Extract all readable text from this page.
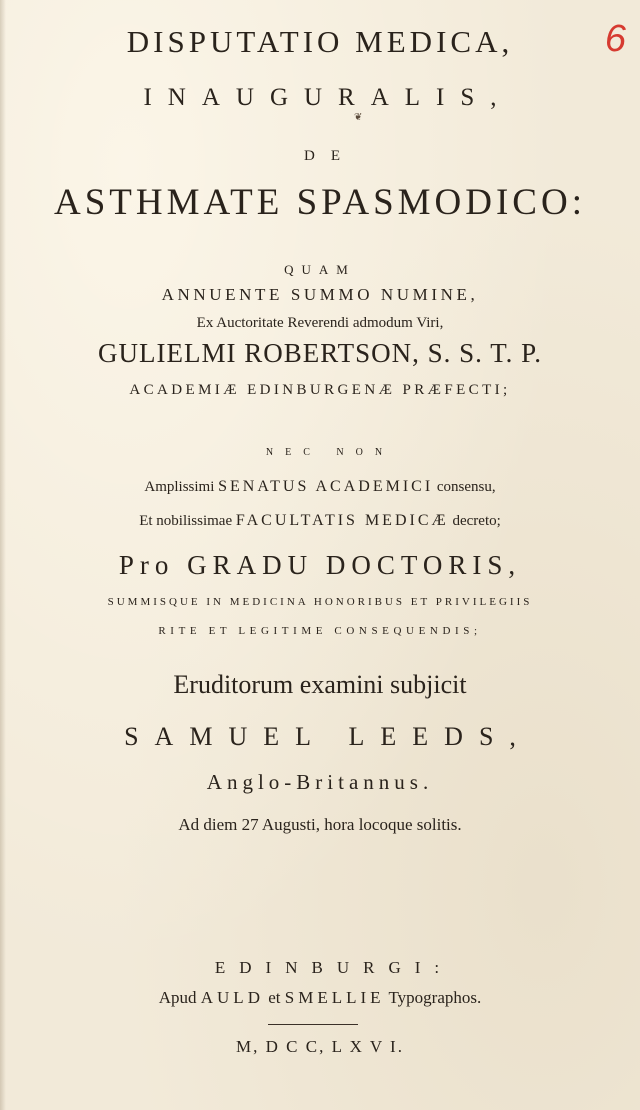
6
DISPUTATIO MEDICA,
INAUGURALIS,
❦
DE
ASTHMATE SPASMODICO:
QUAM
ANNUENTE SUMMO NUMINE,
Ex Auctoritate Reverendi admodum Viri,
GULIELMI ROBERTSON, S. S. T. P.
ACADEMIÆ EDINBURGENÆ PRÆFECTI;
NEC NON
Amplissimi SENATUS ACADEMICI consensu,
Et nobilissimae FACULTATIS MEDICÆ decreto;
Pro GRADU DOCTORIS,
SUMMISQUE IN MEDICINA HONORIBUS ET PRIVILEGIIS
RITE ET LEGITIME CONSEQUENDIS;
Eruditorum examini subjicit
SAMUEL LEEDS,
Anglo-Britannus.
Ad diem 27 Augusti, hora locoque solitis.
EDINBURGI:
Apud AULD et SMELLIE Typographos.
M, D C C, L X V I.
